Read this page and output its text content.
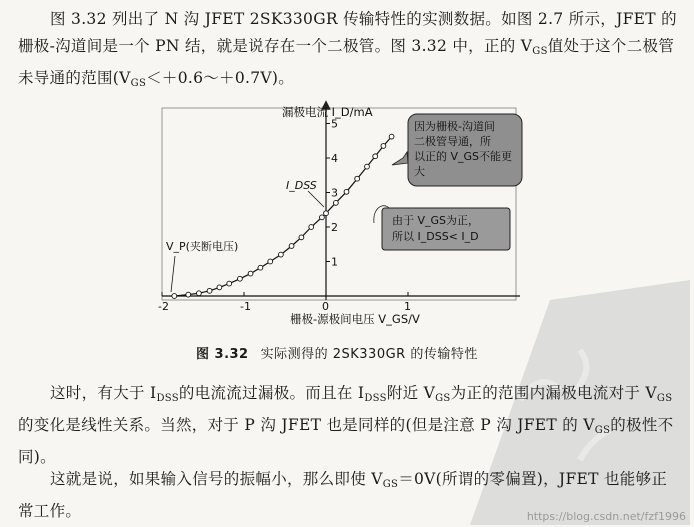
图 3.32 列出了 N 沟 JFET 2SK330GR 传输特性的实测数据。如图 2.7 所示，JFET 的栅极-沟道间是一个 PN 结，就是说存在一个二极管。图 3.32 中，正的 $V_{GS}$值处于这个二极管未导通的范围$(V_{GS}<+0.6\sim+0.7V)$。

-2	-1	0	1
1
2
3
4
5
漏极电流 I_D/mA
栅极-源极间电压 V_GS/V
I_DSS
V_P(夹断电压)
因为栅极-沟道间
二极管导通，所
以正的 V_GS不能更
大
由于 V_GS为正，
所以 I_DSS< I_D
图 3.32 实际测得的 2SK330GR 的传输特性

这时，有大于 $I_{DSS}$的电流流过漏极。而且在 $I_{DSS}$附近 $V_{GS}$为正的范围内漏极电流对于 $V_{GS}$的变化是线性关系。当然，对于 P 沟 JFET 也是同样的(但是注意 P 沟 JFET 的 $V_{GS}$的极性不同)。

这就是说，如果输入信号的振幅小，那么即使 $V_{GS}=0V$(所谓的零偏置)，JFET 也能够正常工作。	https://blog.csdn.net/fzf1996
